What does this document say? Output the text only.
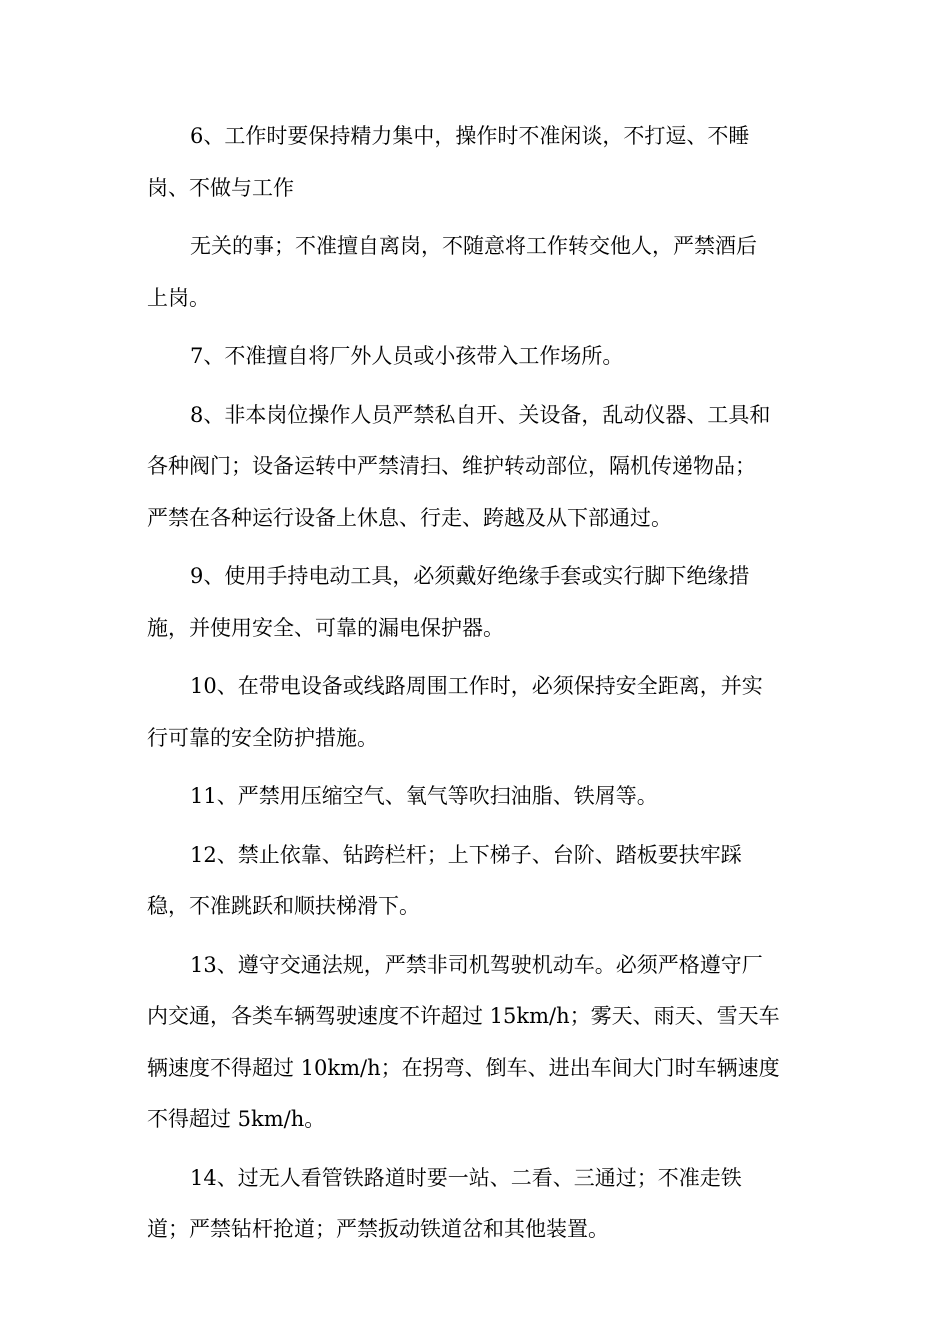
6、工作时要保持精力集中，操作时不准闲谈，不打逗、不睡
岗、不做与工作

无关的事；不准擅自离岗，不随意将工作转交他人，严禁酒后
上岗。

7、不准擅自将厂外人员或小孩带入工作场所。

8、非本岗位操作人员严禁私自开、关设备，乱动仪器、工具和
各种阀门；设备运转中严禁清扫、维护转动部位，隔机传递物品；
严禁在各种运行设备上休息、行走、跨越及从下部通过。

9、使用手持电动工具，必须戴好绝缘手套或实行脚下绝缘措
施，并使用安全、可靠的漏电保护器。

10、在带电设备或线路周围工作时，必须保持安全距离，并实
行可靠的安全防护措施。

11、严禁用压缩空气、氧气等吹扫油脂、铁屑等。

12、禁止依靠、钻跨栏杆；上下梯子、台阶、踏板要扶牢踩
稳，不准跳跃和顺扶梯滑下。

13、遵守交通法规，严禁非司机驾驶机动车。必须严格遵守厂
内交通，各类车辆驾驶速度不许超过 15km/h；雾天、雨天、雪天车
辆速度不得超过 10km/h；在拐弯、倒车、进出车间大门时车辆速度
不得超过 5km/h。

14、过无人看管铁路道时要一站、二看、三通过；不准走铁
道；严禁钻杆抢道；严禁扳动铁道岔和其他装置。
